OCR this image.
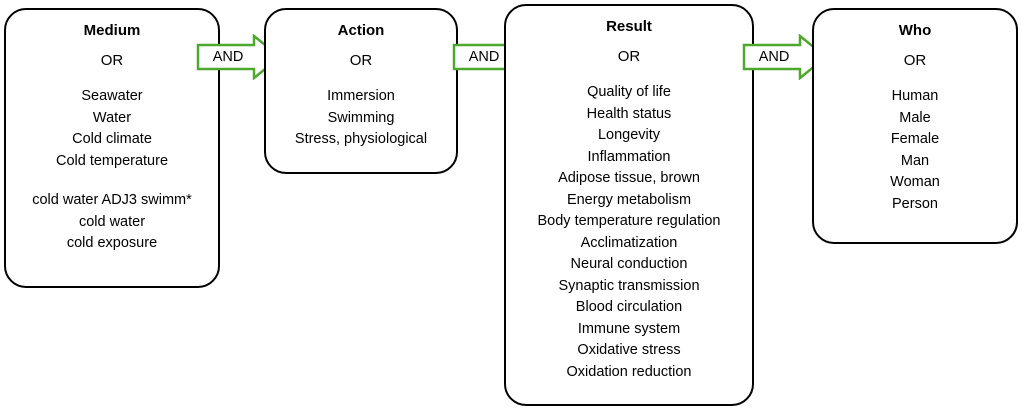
Medium
OR
Seawater
Water
Cold climate
Cold temperature
cold water ADJ3 swimm*
cold water
cold exposure
AND
Action
OR
Immersion
Swimming
Stress, physiological
AND
Result
OR
Quality of life
Health status
Longevity
Inflammation
Adipose tissue, brown
Energy metabolism
Body temperature regulation
Acclimatization
Neural conduction
Synaptic transmission
Blood circulation
Immune system
Oxidative stress
Oxidation reduction
AND
Who
OR
Human
Male
Female
Man
Woman
Person
